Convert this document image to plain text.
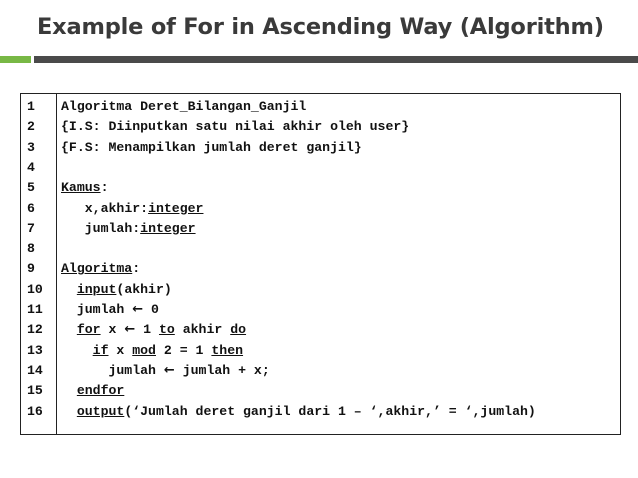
Example of For in Ascending Way (Algorithm)
1 Algoritma Deret_Bilangan_Ganjil
2 {I.S: Diinputkan satu nilai akhir oleh user}
3 {F.S: Menampilkan jumlah deret ganjil}
4
5 Kamus:
6	x,akhir:integer
7	jumlah:integer
8
9 Algoritma:
10	input(akhir)
11	jumlah ← 0
12	for x ← 1 to akhir do
13	if x mod 2 = 1 then
14	jumlah ← jumlah + x;
15	endfor
16	output(‘Jumlah deret ganjil dari 1 – ‘,akhir,’ = ‘,jumlah)
